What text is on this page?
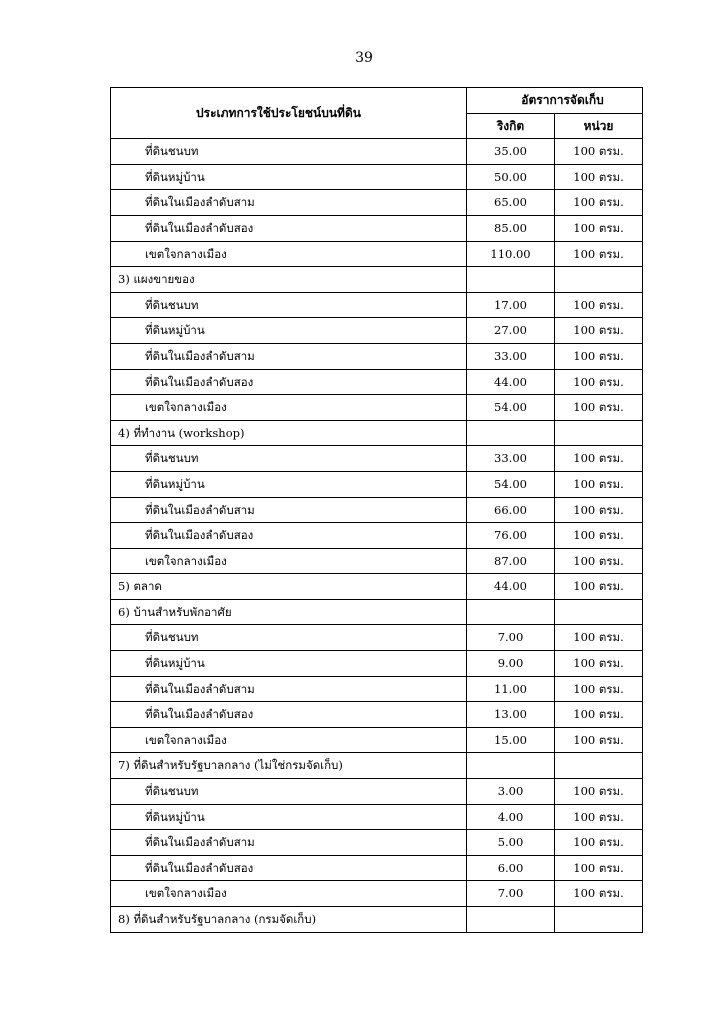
39
ประเภทการใช้ประโยชน์บนที่ดิน	อัตราการจัดเก็บ	
	ริงกิต	หน่วย
ที่ดินชนบท	35.00	100 ตรม.
ที่ดินหมู่บ้าน	50.00	100 ตรม.
ที่ดินในเมืองลำดับสาม	65.00	100 ตรม.
ที่ดินในเมืองลำดับสอง	85.00	100 ตรม.
เขตใจกลางเมือง	110.00	100 ตรม.
3) แผงขายของ		
ที่ดินชนบท	17.00	100 ตรม.
ที่ดินหมู่บ้าน	27.00	100 ตรม.
ที่ดินในเมืองลำดับสาม	33.00	100 ตรม.
ที่ดินในเมืองลำดับสอง	44.00	100 ตรม.
เขตใจกลางเมือง	54.00	100 ตรม.
4) ที่ทำงาน (workshop)		
ที่ดินชนบท	33.00	100 ตรม.
ที่ดินหมู่บ้าน	54.00	100 ตรม.
ที่ดินในเมืองลำดับสาม	66.00	100 ตรม.
ที่ดินในเมืองลำดับสอง	76.00	100 ตรม.
เขตใจกลางเมือง	87.00	100 ตรม.
5) ตลาด	44.00	100 ตรม.
6) บ้านสำหรับพักอาศัย		
ที่ดินชนบท	7.00	100 ตรม.
ที่ดินหมู่บ้าน	9.00	100 ตรม.
ที่ดินในเมืองลำดับสาม	11.00	100 ตรม.
ที่ดินในเมืองลำดับสอง	13.00	100 ตรม.
เขตใจกลางเมือง	15.00	100 ตรม.
7) ที่ดินสำหรับรัฐบาลกลาง (ไม่ใช่กรมจัดเก็บ)		
ที่ดินชนบท	3.00	100 ตรม.
ที่ดินหมู่บ้าน	4.00	100 ตรม.
ที่ดินในเมืองลำดับสาม	5.00	100 ตรม.
ที่ดินในเมืองลำดับสอง	6.00	100 ตรม.
เขตใจกลางเมือง	7.00	100 ตรม.
8) ที่ดินสำหรับรัฐบาลกลาง (กรมจัดเก็บ)		
